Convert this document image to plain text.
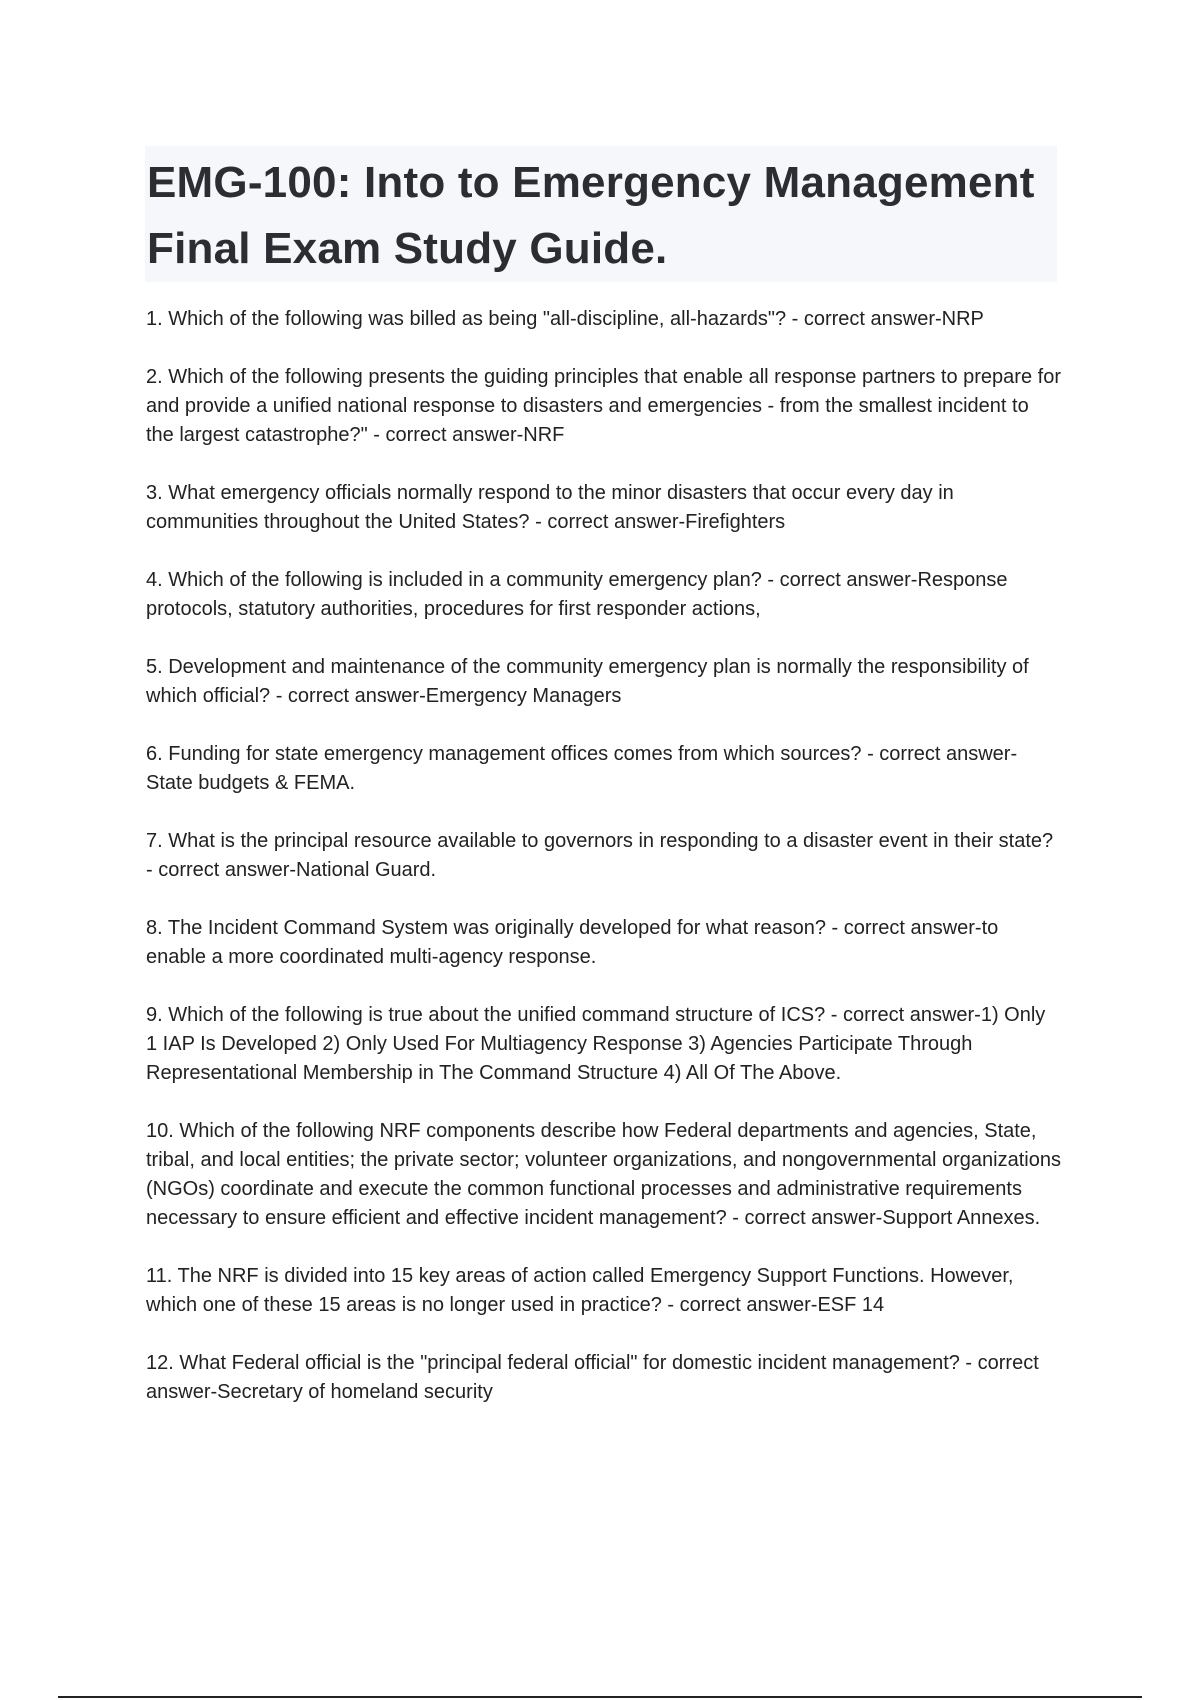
EMG-100: Into to Emergency Management Final Exam Study Guide.
1. Which of the following was billed as being "all-discipline, all-hazards"? - correct answer-NRP
2. Which of the following presents the guiding principles that enable all response partners to prepare for and provide a unified national response to disasters and emergencies - from the smallest incident to the largest catastrophe?" - correct answer-NRF
3. What emergency officials normally respond to the minor disasters that occur every day in communities throughout the United States? - correct answer-Firefighters
4. Which of the following is included in a community emergency plan? - correct answer-Response protocols, statutory authorities, procedures for first responder actions,
5. Development and maintenance of the community emergency plan is normally the responsibility of which official? - correct answer-Emergency Managers
6. Funding for state emergency management offices comes from which sources? - correct answer-State budgets & FEMA.
7. What is the principal resource available to governors in responding to a disaster event in their state? - correct answer-National Guard.
8. The Incident Command System was originally developed for what reason? - correct answer-to enable a more coordinated multi-agency response.
9. Which of the following is true about the unified command structure of ICS? - correct answer-1) Only 1 IAP Is Developed 2) Only Used For Multiagency Response 3) Agencies Participate Through Representational Membership in The Command Structure 4) All Of The Above.
10. Which of the following NRF components describe how Federal departments and agencies, State, tribal, and local entities; the private sector; volunteer organizations, and nongovernmental organizations (NGOs) coordinate and execute the common functional processes and administrative requirements necessary to ensure efficient and effective incident management? - correct answer-Support Annexes.
11. The NRF is divided into 15 key areas of action called Emergency Support Functions. However, which one of these 15 areas is no longer used in practice? - correct answer-ESF 14
12. What Federal official is the "principal federal official" for domestic incident management? - correct answer-Secretary of homeland security
